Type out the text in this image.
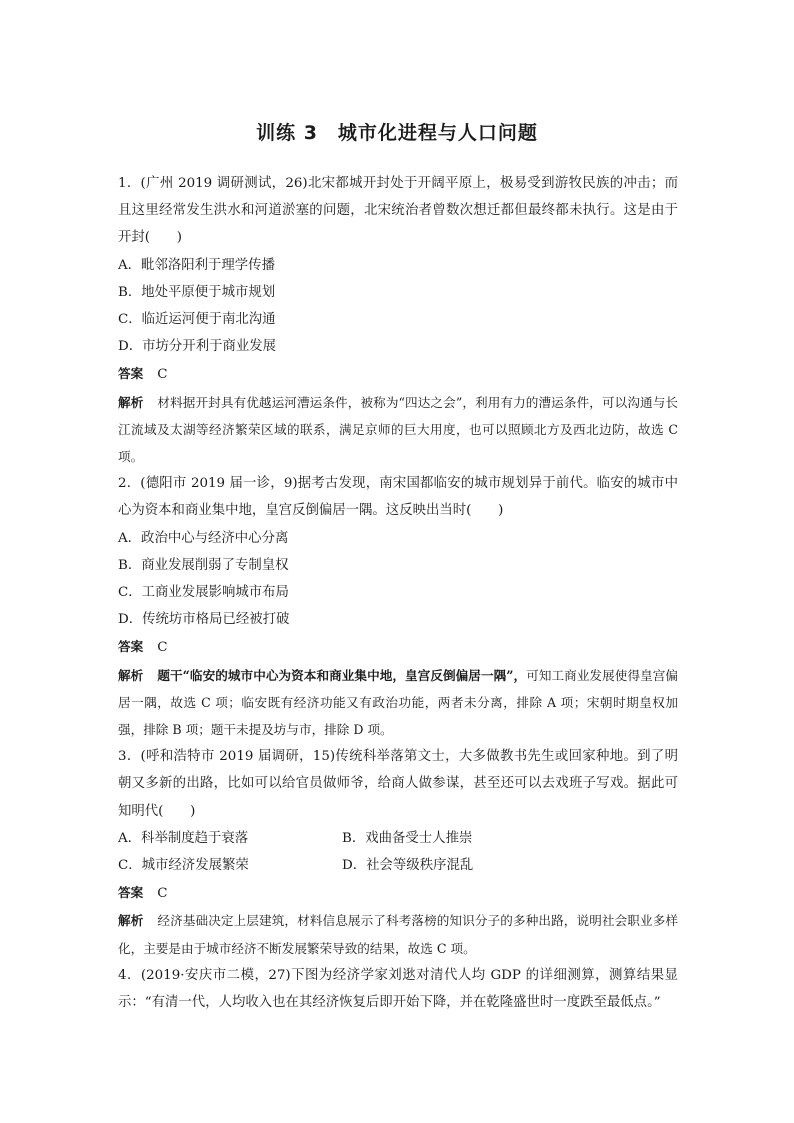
训练 3　城市化进程与人口问题

1．(广州 2019 调研测试，26)北宋都城开封处于开阔平原上，极易受到游牧民族的冲击；而且这里经常发生洪水和河道淤塞的问题，北宋统治者曾数次想迁都但最终都未执行。这是由于开封(　　)

A．毗邻洛阳利于理学传播

B．地处平原便于城市规划

C．临近运河便于南北沟通

D．市坊分开利于商业发展

答案 C

解析 材料据开封具有优越运河漕运条件，被称为“四达之会”，利用有力的漕运条件，可以沟通与长江流域及太湖等经济繁荣区域的联系，满足京师的巨大用度，也可以照顾北方及西北边防，故选 C 项。

2．(德阳市 2019 届一诊，9)据考古发现，南宋国都临安的城市规划异于前代。临安的城市中心为资本和商业集中地，皇宫反倒偏居一隅。这反映出当时(　　)

A．政治中心与经济中心分离

B．商业发展削弱了专制皇权

C．工商业发展影响城市布局

D．传统坊市格局已经被打破

答案 C

解析 题干“临安的城市中心为资本和商业集中地，皇宫反倒偏居一隅”，可知工商业发展使得皇宫偏居一隅，故选 C 项；临安既有经济功能又有政治功能，两者未分离，排除 A 项；宋朝时期皇权加强，排除 B 项；题干未提及坊与市，排除 D 项。

3．(呼和浩特市 2019 届调研，15)传统科举落第文士，大多做教书先生或回家种地。到了明朝又多新的出路，比如可以给官员做师爷，给商人做参谋，甚至还可以去戏班子写戏。据此可知明代(　　)

A．科举制度趋于衰落	B．戏曲备受士人推崇
C．城市经济发展繁荣	D．社会等级秩序混乱

答案 C

解析 经济基础决定上层建筑，材料信息展示了科考落榜的知识分子的多种出路，说明社会职业多样化，主要是由于城市经济不断发展繁荣导致的结果，故选 C 项。

4．(2019·安庆市二模，27)下图为经济学家刘逖对清代人均 GDP 的详细测算，测算结果显示：“有清一代，人均收入也在其经济恢复后即开始下降，并在乾隆盛世时一度跌至最低点。”
